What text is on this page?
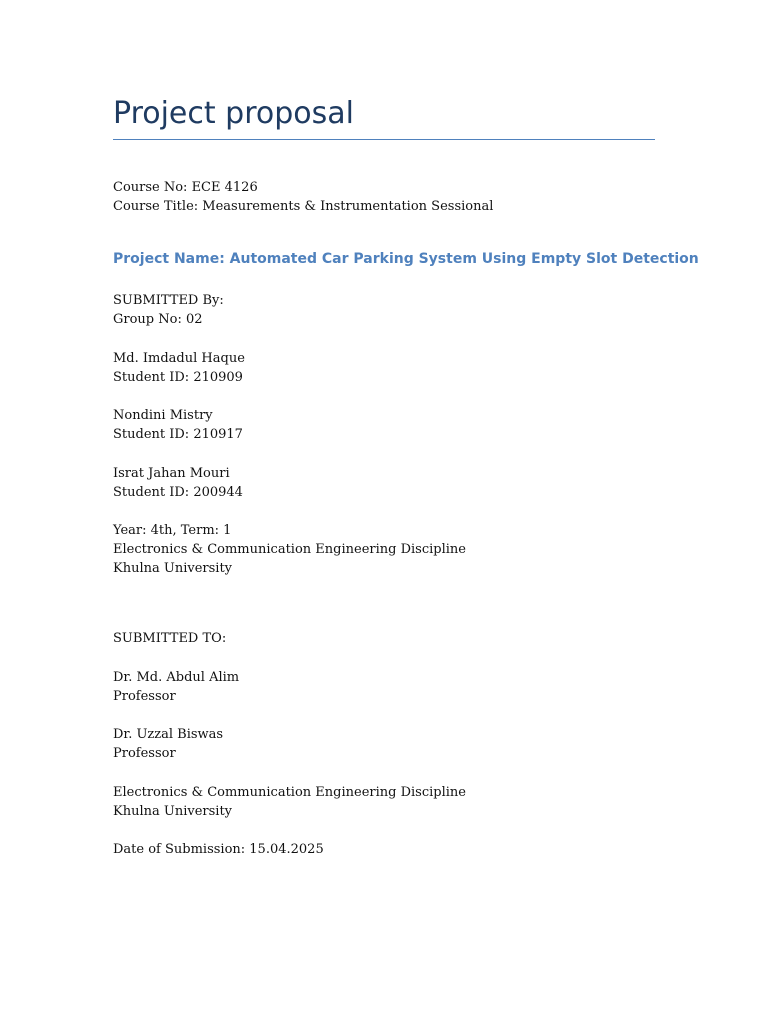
Project proposal
Course No: ECE 4126
Course Title: Measurements & Instrumentation Sessional
Project Name: Automated Car Parking System Using Empty Slot Detection
SUBMITTED By:
Group No: 02
Md. Imdadul Haque
Student ID: 210909
Nondini Mistry
Student ID: 210917
Israt Jahan Mouri
Student ID: 200944
Year: 4th, Term: 1
Electronics & Communication Engineering Discipline
Khulna University
SUBMITTED TO:
Dr. Md. Abdul Alim
Professor
Dr. Uzzal Biswas
Professor
Electronics & Communication Engineering Discipline
Khulna University
Date of Submission: 15.04.2025
